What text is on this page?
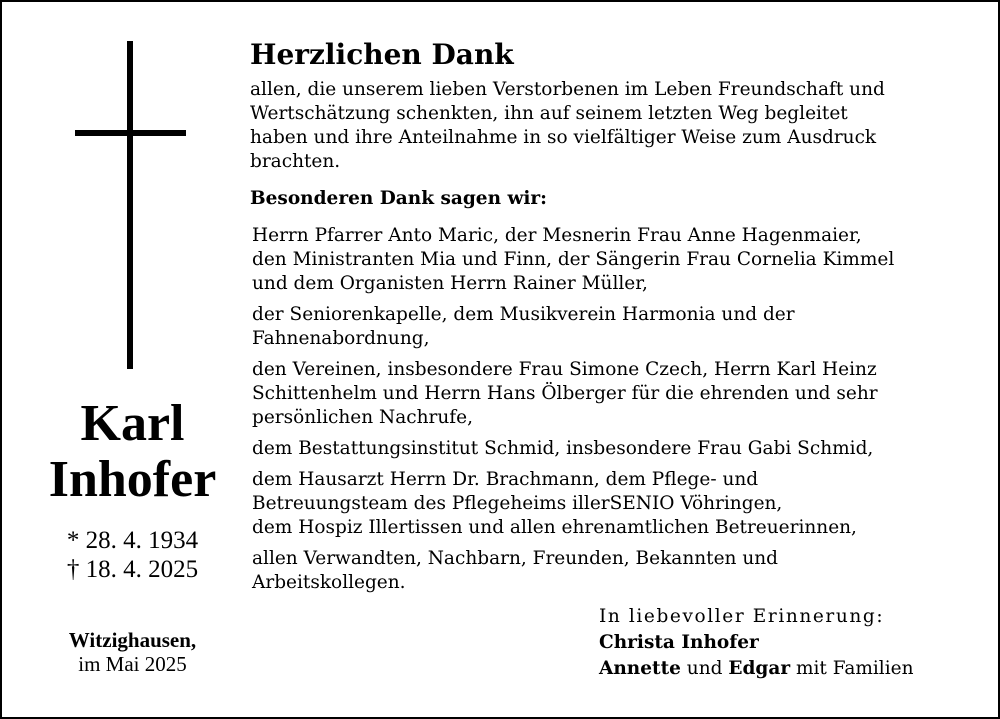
Karl
Inhofer
* 28. 4. 1934
† 18. 4. 2025
Witzighausen,
im Mai 2025
Herzlichen Dank
allen, die unserem lieben Verstorbenen im Leben Freundschaft und
Wertschätzung schenkten, ihn auf seinem letzten Weg begleitet
haben und ihre Anteilnahme in so vielfältiger Weise zum Ausdruck
brachten.
Besonderen Dank sagen wir:
Herrn Pfarrer Anto Maric, der Mesnerin Frau Anne Hagenmaier,
den Ministranten Mia und Finn, der Sängerin Frau Cornelia Kimmel
und dem Organisten Herrn Rainer Müller,
der Seniorenkapelle, dem Musikverein Harmonia und der
Fahnenabordnung,
den Vereinen, insbesondere Frau Simone Czech, Herrn Karl Heinz
Schittenhelm und Herrn Hans Ölberger für die ehrenden und sehr
persönlichen Nachrufe,
dem Bestattungsinstitut Schmid, insbesondere Frau Gabi Schmid,
dem Hausarzt Herrn Dr. Brachmann, dem Pflege- und
Betreuungsteam des Pflegeheims illerSENIO Vöhringen,
dem Hospiz Illertissen und allen ehrenamtlichen Betreuerinnen,
allen Verwandten, Nachbarn, Freunden, Bekannten und
Arbeitskollegen.
In liebevoller Erinnerung:
Christa Inhofer
Annette und Edgar mit Familien
